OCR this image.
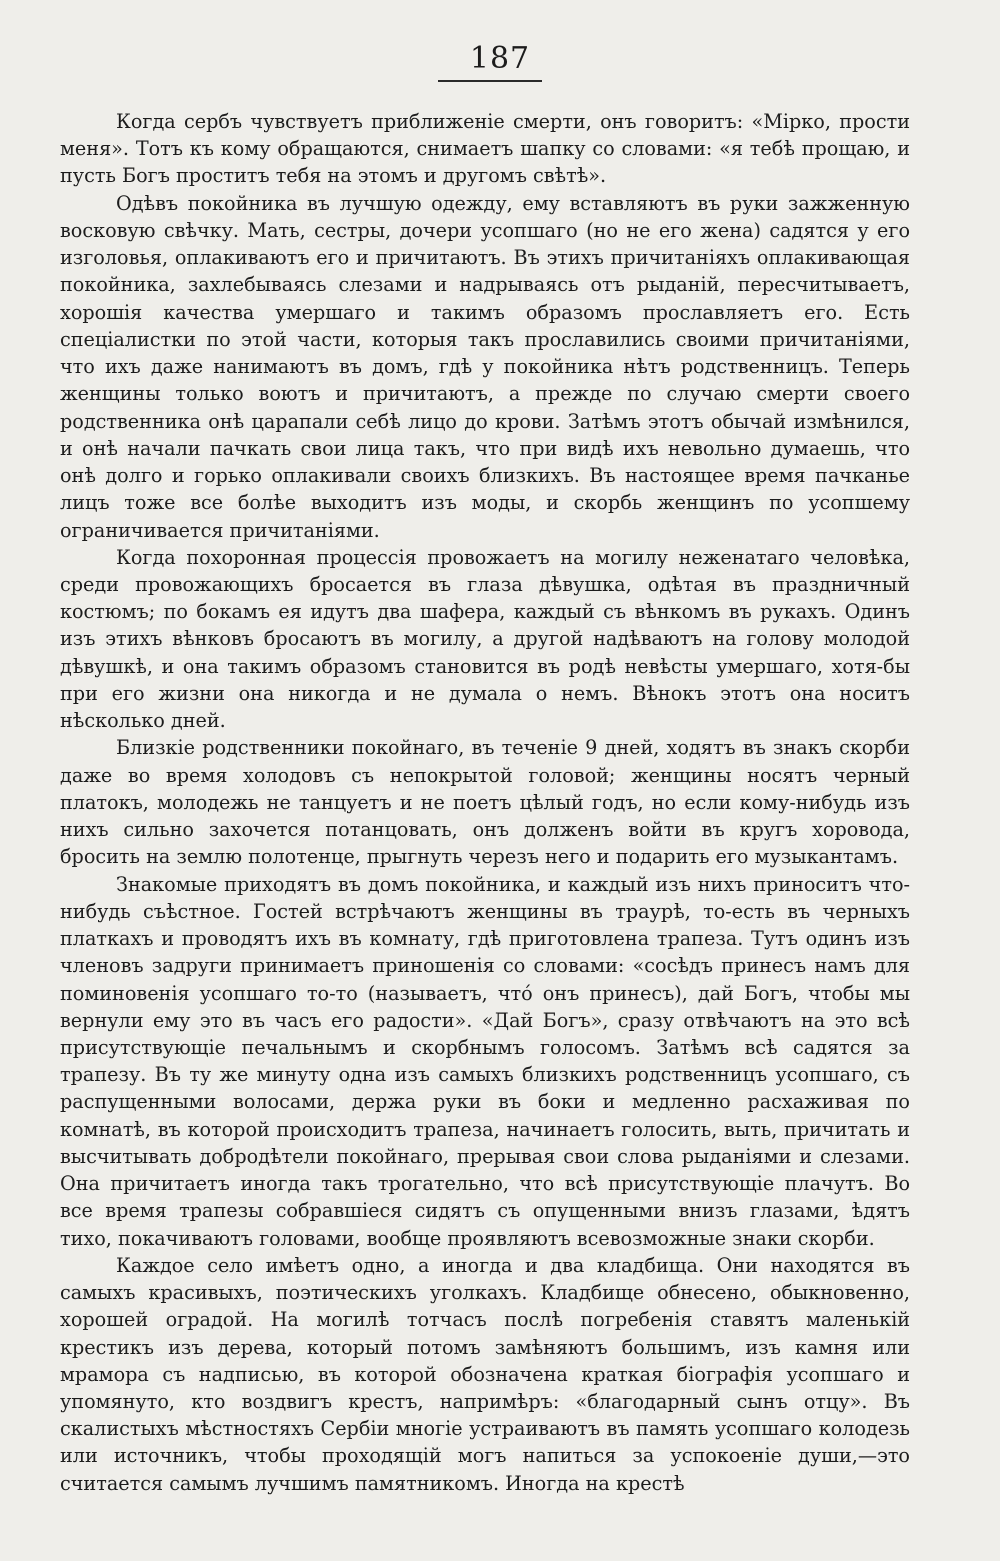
187

Когда сербъ чувствуетъ приближеніе смерти, онъ говоритъ: «Мірко, прости меня». Тотъ къ кому обращаются, снимаетъ шапку со словами: «я тебѣ прощаю, и пусть Богъ проститъ тебя на этомъ и другомъ свѣтѣ».

Одѣвъ покойника въ лучшую одежду, ему вставляютъ въ руки зажженную восковую свѣчку. Мать, сестры, дочери усопшаго (но не его жена) садятся у его изголовья, оплакиваютъ его и причитаютъ. Въ этихъ причитаніяхъ оплакивающая покойника, захлебываясь слезами и надрываясь отъ рыданій, пересчитываетъ, хорошія качества умершаго и такимъ образомъ прославляетъ его. Есть спеціалистки по этой части, которыя такъ прославились своими причитаніями, что ихъ даже нанимаютъ въ домъ, гдѣ у покойника нѣтъ родственницъ. Теперь женщины только воютъ и причитаютъ, а прежде по случаю смерти своего родственника онѣ царапали себѣ лицо до крови. Затѣмъ этотъ обычай измѣнился, и онѣ начали пачкать свои лица такъ, что при видѣ ихъ невольно думаешь, что онѣ долго и горько оплакивали своихъ близкихъ. Въ настоящее время пачканье лицъ тоже все болѣе выходитъ изъ моды, и скорбь женщинъ по усопшему ограничивается причитаніями.

Когда похоронная процессія провожаетъ на могилу неженатаго человѣка, среди провожающихъ бросается въ глаза дѣвушка, одѣтая въ праздничный костюмъ; по бокамъ ея идутъ два шафера, каждый съ вѣнкомъ въ рукахъ. Одинъ изъ этихъ вѣнковъ бросаютъ въ могилу, а другой надѣваютъ на голову молодой дѣвушкѣ, и она такимъ образомъ становится въ родѣ невѣсты умершаго, хотя-бы при его жизни она никогда и не думала о немъ. Вѣнокъ этотъ она носитъ нѣсколько дней.

Близкіе родственники покойнаго, въ теченіе 9 дней, ходятъ въ знакъ скорби даже во время холодовъ съ непокрытой головой; женщины носятъ черный платокъ, молодежь не танцуетъ и не поетъ цѣлый годъ, но если кому-нибудь изъ нихъ сильно захочется потанцовать, онъ долженъ войти въ кругъ хоровода, бросить на землю полотенце, прыгнуть черезъ него и подарить его музыкантамъ.

Знакомые приходятъ въ домъ покойника, и каждый изъ нихъ приноситъ что-нибудь съѣстное. Гостей встрѣчаютъ женщины въ траурѣ, то-есть въ черныхъ платкахъ и проводятъ ихъ въ комнату, гдѣ приготовлена трапеза. Тутъ одинъ изъ членовъ задруги принимаетъ приношенія со словами: «сосѣдъ принесъ намъ для поминовенія усопшаго то-то (называетъ, что́ онъ принесъ), дай Богъ, чтобы мы вернули ему это въ часъ его радости». «Дай Богъ», сразу отвѣчаютъ на это всѣ присутствующіе печальнымъ и скорбнымъ голосомъ. Затѣмъ всѣ садятся за трапезу. Въ ту же минуту одна изъ самыхъ близкихъ родственницъ усопшаго, съ распущенными волосами, держа руки въ боки и медленно расхаживая по комнатѣ, въ которой происходитъ трапеза, начинаетъ голосить, выть, причитать и высчитывать добродѣтели покойнаго, прерывая свои слова рыданіями и слезами. Она причитаетъ иногда такъ трогательно, что всѣ присутствующіе плачутъ. Во все время трапезы собравшіеся сидятъ съ опущенными внизъ глазами, ѣдятъ тихо, покачиваютъ головами, вообще проявляютъ всевозможные знаки скорби.

Каждое село имѣетъ одно, а иногда и два кладбища. Они находятся въ самыхъ красивыхъ, поэтическихъ уголкахъ. Кладбище обнесено, обыкновенно, хорошей оградой. На могилѣ тотчасъ послѣ погребенія ставятъ маленькій крестикъ изъ дерева, который потомъ замѣняютъ большимъ, изъ камня или мрамора съ надписью, въ которой обозначена краткая біографія усопшаго и упомянуто, кто воздвигъ крестъ, напримѣръ: «благодарный сынъ отцу». Въ скалистыхъ мѣстностяхъ Сербіи многіе устраиваютъ въ память усопшаго колодезь или источникъ, чтобы проходящій могъ напиться за успокоеніе души,—это считается самымъ лучшимъ памятникомъ. Иногда на крестѣ
